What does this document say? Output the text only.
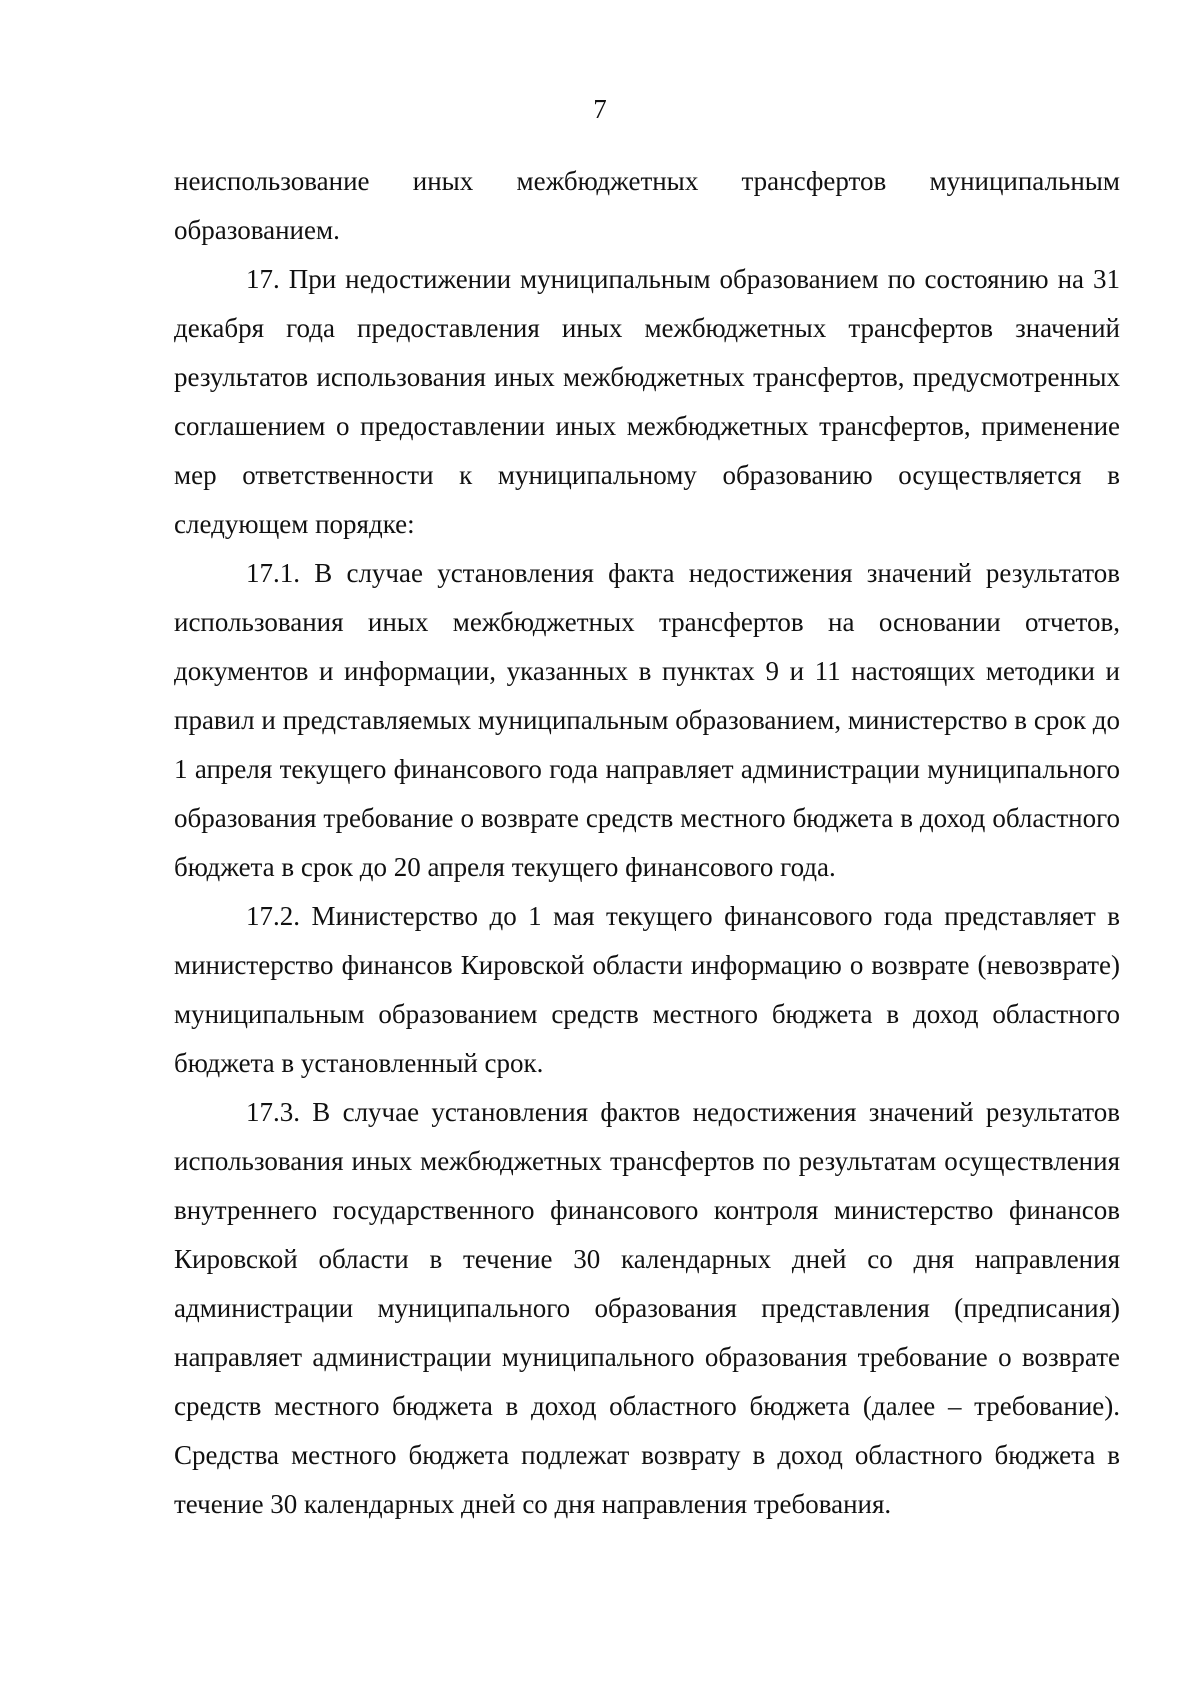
7

неиспользование иных межбюджетных трансфертов муниципальным образованием.

17. При недостижении муниципальным образованием по состоянию на 31 декабря года предоставления иных межбюджетных трансфертов значений результатов использования иных межбюджетных трансфертов, предусмотренных соглашением о предоставлении иных межбюджетных трансфертов, применение мер ответственности к муниципальному образованию осуществляется в следующем порядке:

17.1. В случае установления факта недостижения значений результатов использования иных межбюджетных трансфертов на основании отчетов, документов и информации, указанных в пунктах 9 и 11 настоящих методики и правил и представляемых муниципальным образованием, министерство в срок до 1 апреля текущего финансового года направляет администрации муниципального образования требование о возврате средств местного бюджета в доход областного бюджета в срок до 20 апреля текущего финансового года.

17.2. Министерство до 1 мая текущего финансового года представляет в министерство финансов Кировской области информацию о возврате (невозврате) муниципальным образованием средств местного бюджета в доход областного бюджета в установленный срок.

17.3. В случае установления фактов недостижения значений результатов использования иных межбюджетных трансфертов по результатам осуществления внутреннего государственного финансового контроля министерство финансов Кировской области в течение 30 календарных дней со дня направления администрации муниципального образования представления (предписания) направляет администрации муниципального образования требование о возврате средств местного бюджета в доход областного бюджета (далее – требование). Средства местного бюджета подлежат возврату в доход областного бюджета в течение 30 календарных дней со дня направления требования.
